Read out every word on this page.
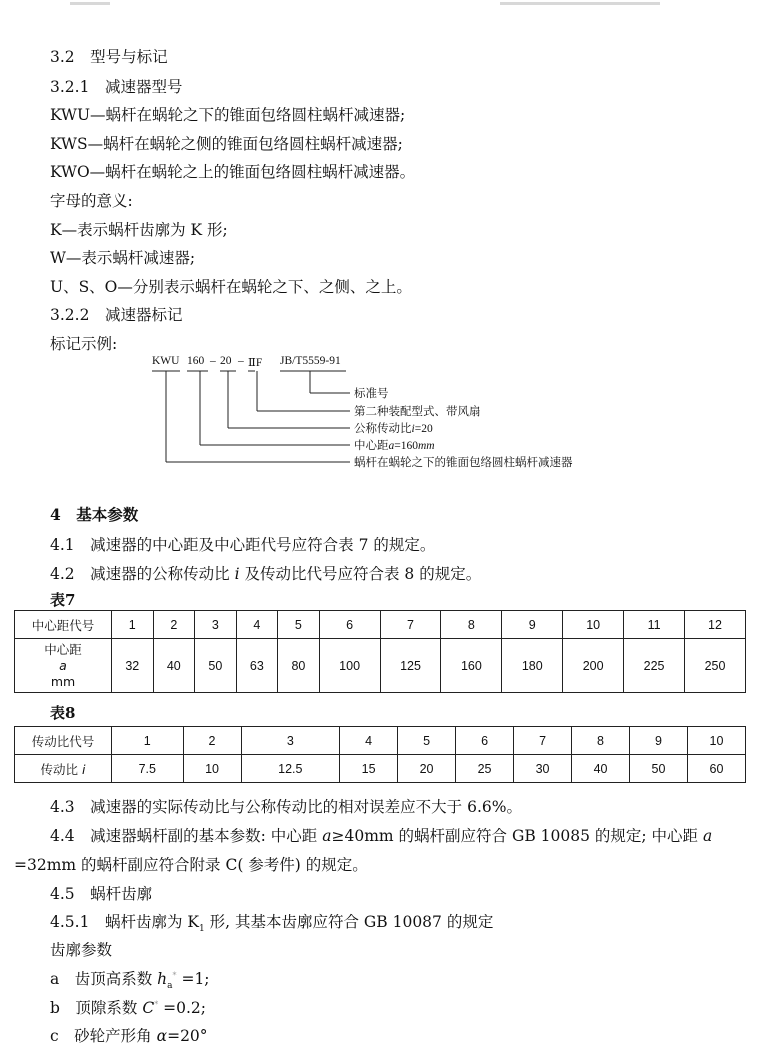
3.2　型号与标记
3.2.1　减速器型号
KWU—蜗杆在蜗轮之下的锥面包络圆柱蜗杆减速器;
KWS—蜗杆在蜗轮之侧的锥面包络圆柱蜗杆减速器;
KWO—蜗杆在蜗轮之上的锥面包络圆柱蜗杆减速器。
字母的意义:
K—表示蜗杆齿廓为 K 形;
W—表示蜗杆减速器;
U、S、O—分别表示蜗杆在蜗轮之下、之侧、之上。
3.2.2　减速器标记
标记示例:
KWU 160 – 20 – ⅡF JB/T5559-91
标准号
第二种装配型式、带风扇
公称传动比i=20
中心距a=160mm
蜗杆在蜗轮之下的锥面包络圆柱蜗杆减速器
4　基本参数
4.1　减速器的中心距及中心距代号应符合表 7 的规定。
4.2　减速器的公称传动比 i 及传动比代号应符合表 8 的规定。
表7
中心距代号	1	2	3	4	5	6	7	8	9	10	11	12

中心距
a
mm	32	40	50	63	80	100	125	160	180	200	225	250
表8
传动比代号	1	2	3	4	5	6	7	8	9	10
传动比 i	7.5	10	12.5	15	20	25	30	40	50	60
4.3　减速器的实际传动比与公称传动比的相对误差应不大于 6.6%。
4.4　减速器蜗杆副的基本参数: 中心距 a≥40mm 的蜗杆副应符合 GB 10085 的规定; 中心距 a
=32mm 的蜗杆副应符合附录 C( 参考件) 的规定。
4.5　蜗杆齿廓
4.5.1　蜗杆齿廓为 $K_1$ 形, 其基本齿廓应符合 GB 10087 的规定
齿廓参数
a　齿顶高系数 $h_a^* =1$;
b　顶隙系数 C* =0.2;
c　砂轮产形角 α=20°
